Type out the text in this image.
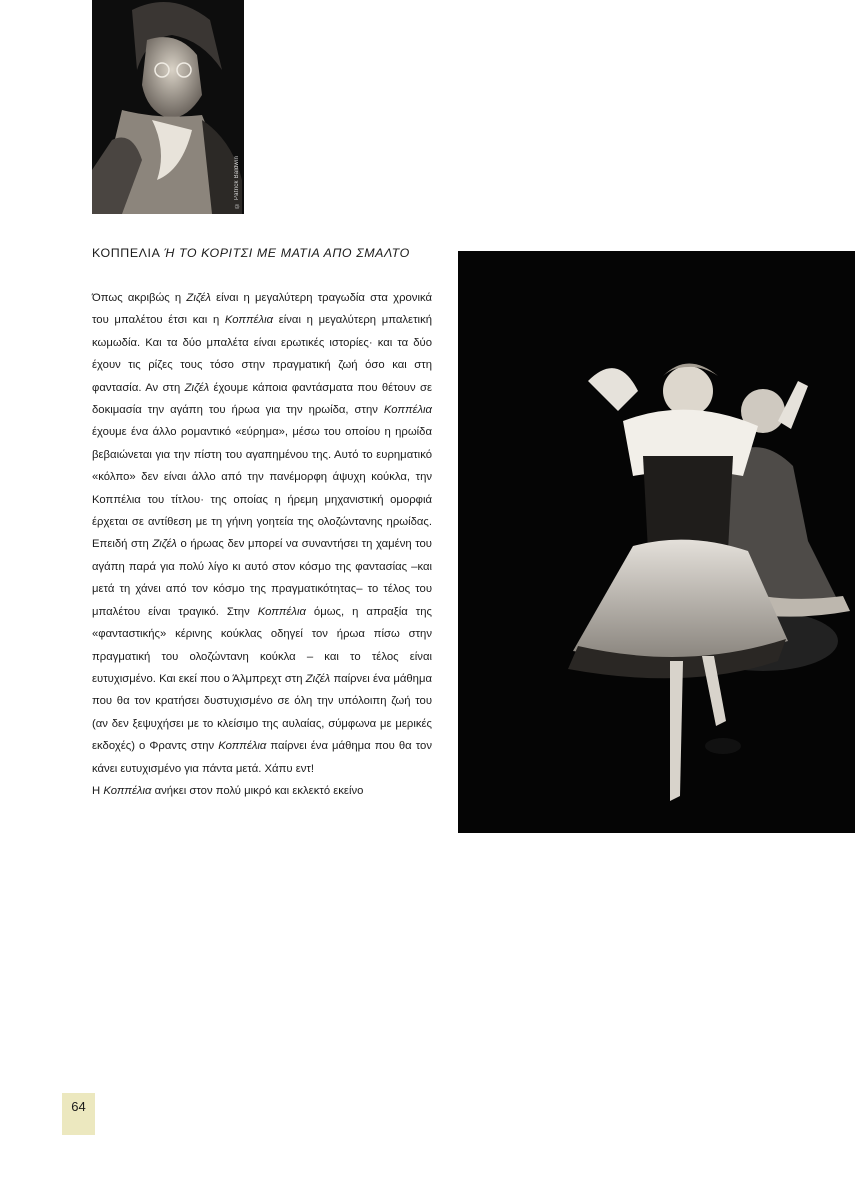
© Patrick Baldwin
ΚΟΠΠΕΛΙΑ Ή ΤΟ ΚΟΡΙΤΣΙ ΜΕ ΜΑΤΙΑ ΑΠΟ ΣΜΑΛΤΟ

Όπως ακριβώς η Ζιζέλ είναι η μεγαλύτερη τραγωδία στα χρονικά του μπαλέτου έτσι και η Κοππέλια είναι η μεγαλύτερη μπαλετική κωμωδία. Και τα δύο μπαλέτα είναι ερωτικές ιστορίες· και τα δύο έχουν τις ρίζες τους τόσο στην πραγματική ζωή όσο και στη φαντασία. Αν στη Ζιζέλ έχουμε κάποια φαντάσματα που θέτουν σε δοκιμασία την αγάπη του ήρωα για την ηρωίδα, στην Κοππέλια έχουμε ένα άλλο ρομαντικό «εύρημα», μέσω του οποίου η ηρωίδα βεβαιώνεται για την πίστη του αγαπημένου της. Αυτό το ευρηματικό «κόλπο» δεν είναι άλλο από την πανέμορφη άψυχη κούκλα, την Κοππέλια του τίτλου· της οποίας η ήρεμη μηχανιστική ομορφιά έρχεται σε αντίθεση με τη γήινη γοητεία της ολοζώντανης ηρωίδας. Επειδή στη Ζιζέλ ο ήρωας δεν μπορεί να συναντήσει τη χαμένη του αγάπη παρά για πολύ λίγο κι αυτό στον κόσμο της φαντασίας –και μετά τη χάνει από τον κόσμο της πραγματικότητας– το τέλος του μπαλέτου είναι τραγικό. Στην Κοππέλια όμως, η απραξία της «φανταστικής» κέρινης κούκλας οδηγεί τον ήρωα πίσω στην πραγματική του ολοζώντανη κούκλα – και το τέλος είναι ευτυχισμένο. Και εκεί που ο Άλμπρεχτ στη Ζιζέλ παίρνει ένα μάθημα που θα τον κρατήσει δυστυχισμένο σε όλη την υπόλοιπη ζωή του (αν δεν ξεψυχήσει με το κλείσιμο της αυλαίας, σύμφωνα με μερικές εκδοχές) ο Φραντς στην Κοππέλια παίρνει ένα μάθημα που θα τον κάνει ευτυχισμένο για πάντα μετά. Χάπυ εντ!

Η Κοππέλια ανήκει στον πολύ μικρό και εκλεκτό εκείνο

64
